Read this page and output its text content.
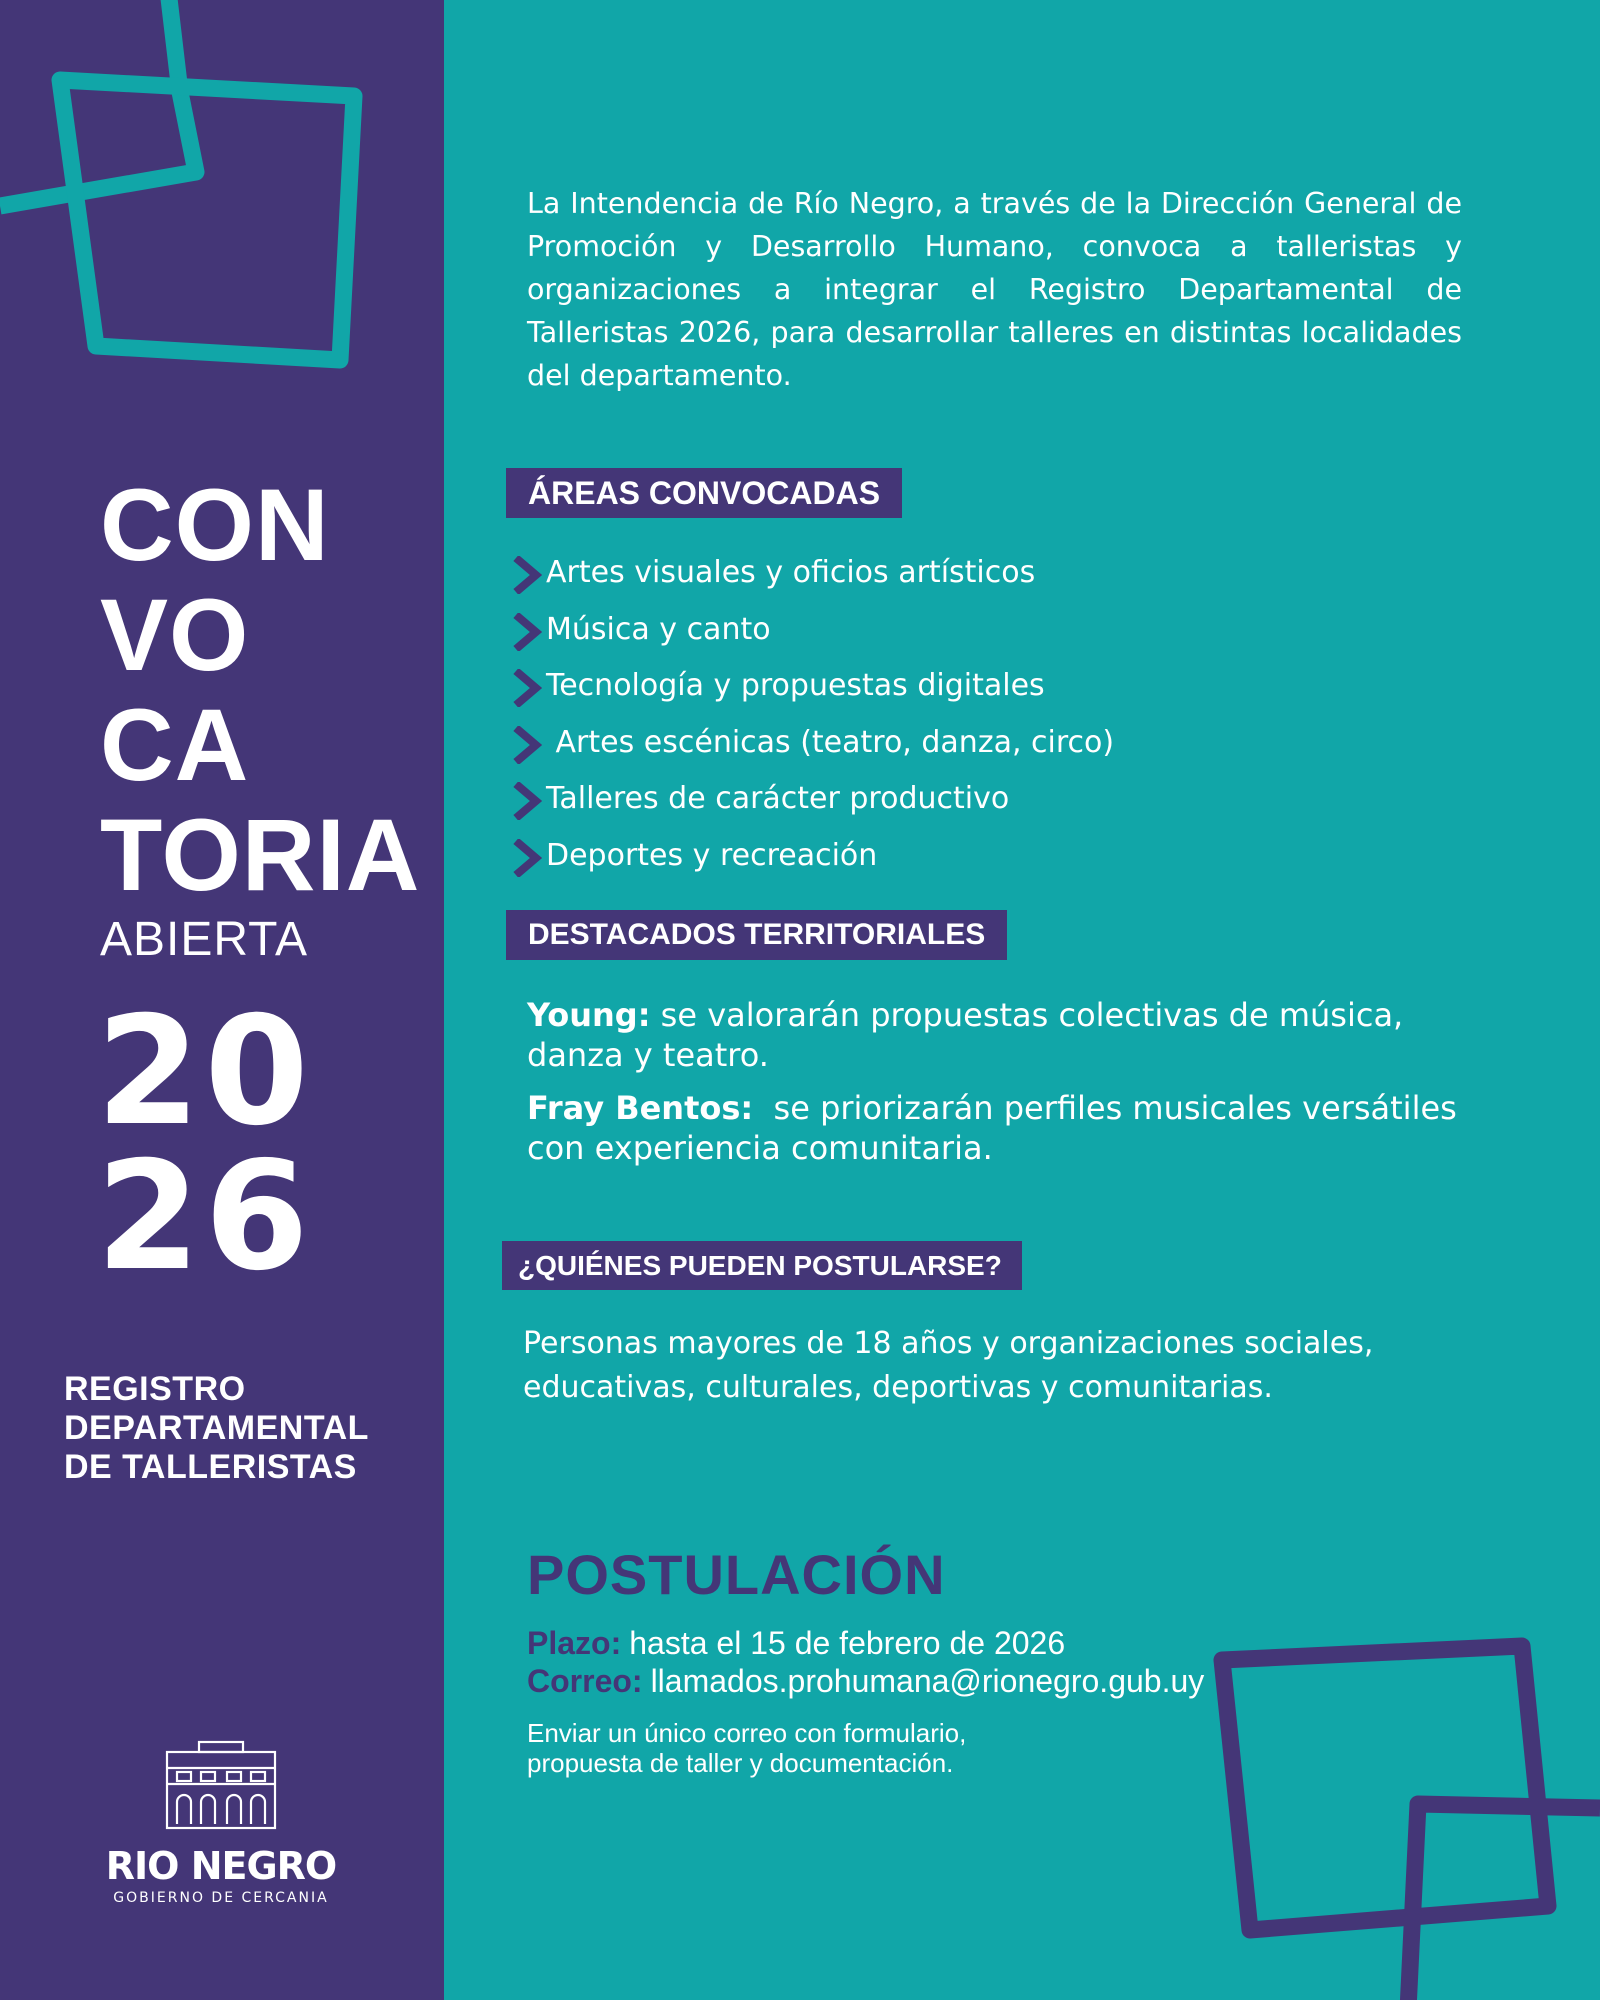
CON
VO
CA
TORIA
ABIERTA
20
26
REGISTRO
DEPARTAMENTAL
DE TALLERISTAS
RIO NEGRO
GOBIERNO DE CERCANIA
La Intendencia de Río Negro, a través de la Dirección General de Promoción y Desarrollo Humano, convoca a talleristas y organizaciones a integrar el Registro Departamental de Talleristas 2026, para desarrollar talleres en distintas localidades del departamento.
ÁREAS CONVOCADAS
Artes visuales y oficios artísticos
Música y canto
Tecnología y propuestas digitales
Artes escénicas (teatro, danza, circo)
Talleres de carácter productivo
Deportes y recreación
DESTACADOS TERRITORIALES
Young: se valorarán propuestas colectivas de música, danza y teatro.
Fray Bentos:  se priorizarán perfiles musicales versátiles con experiencia comunitaria.
¿QUIÉNES PUEDEN POSTULARSE?
Personas mayores de 18 años y organizaciones sociales, educativas, culturales, deportivas y comunitarias.
POSTULACIÓN
Plazo: hasta el 15 de febrero de 2026
Correo: llamados.prohumana@rionegro.gub.uy
Enviar un único correo con formulario,
propuesta de taller y documentación.
